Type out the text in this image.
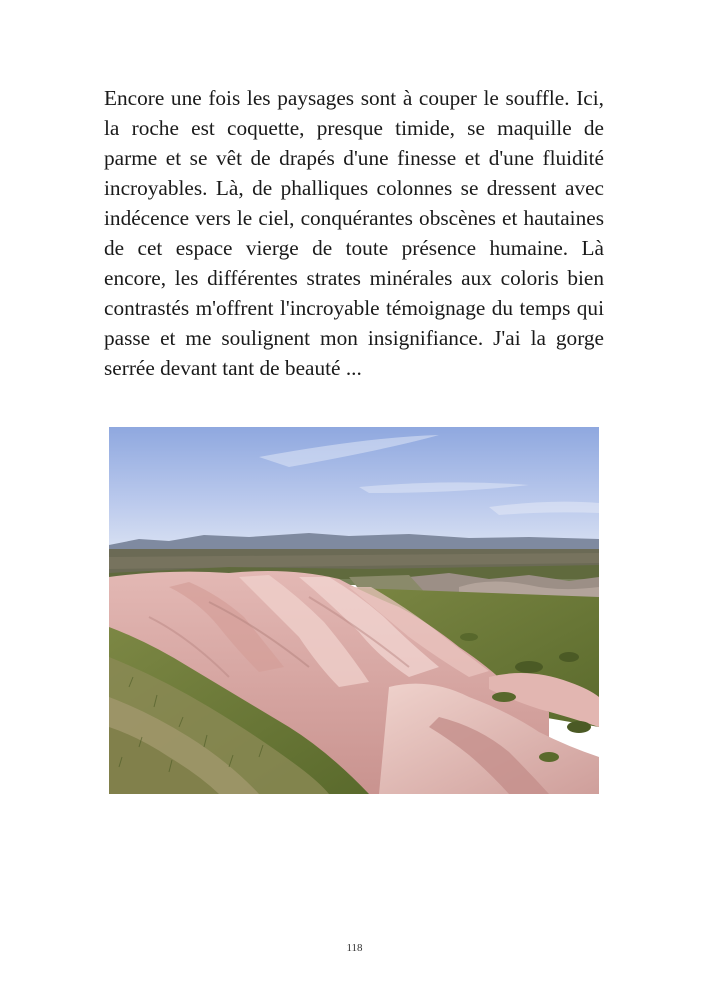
Encore une fois les paysages sont à couper le souffle. Ici, la roche est coquette, presque timide, se maquille de parme et se vêt de drapés d'une finesse et d'une fluidité incroyables. Là, de phalliques colonnes se dressent avec indécence vers le ciel, conquérantes obscènes et hautaines de cet espace vierge de toute présence humaine. Là encore, les différentes strates minérales aux coloris bien contrastés m'offrent l'incroyable témoignage du temps qui passe et me soulignent mon insignifiance. J'ai la gorge serrée devant tant de beauté ...

118
